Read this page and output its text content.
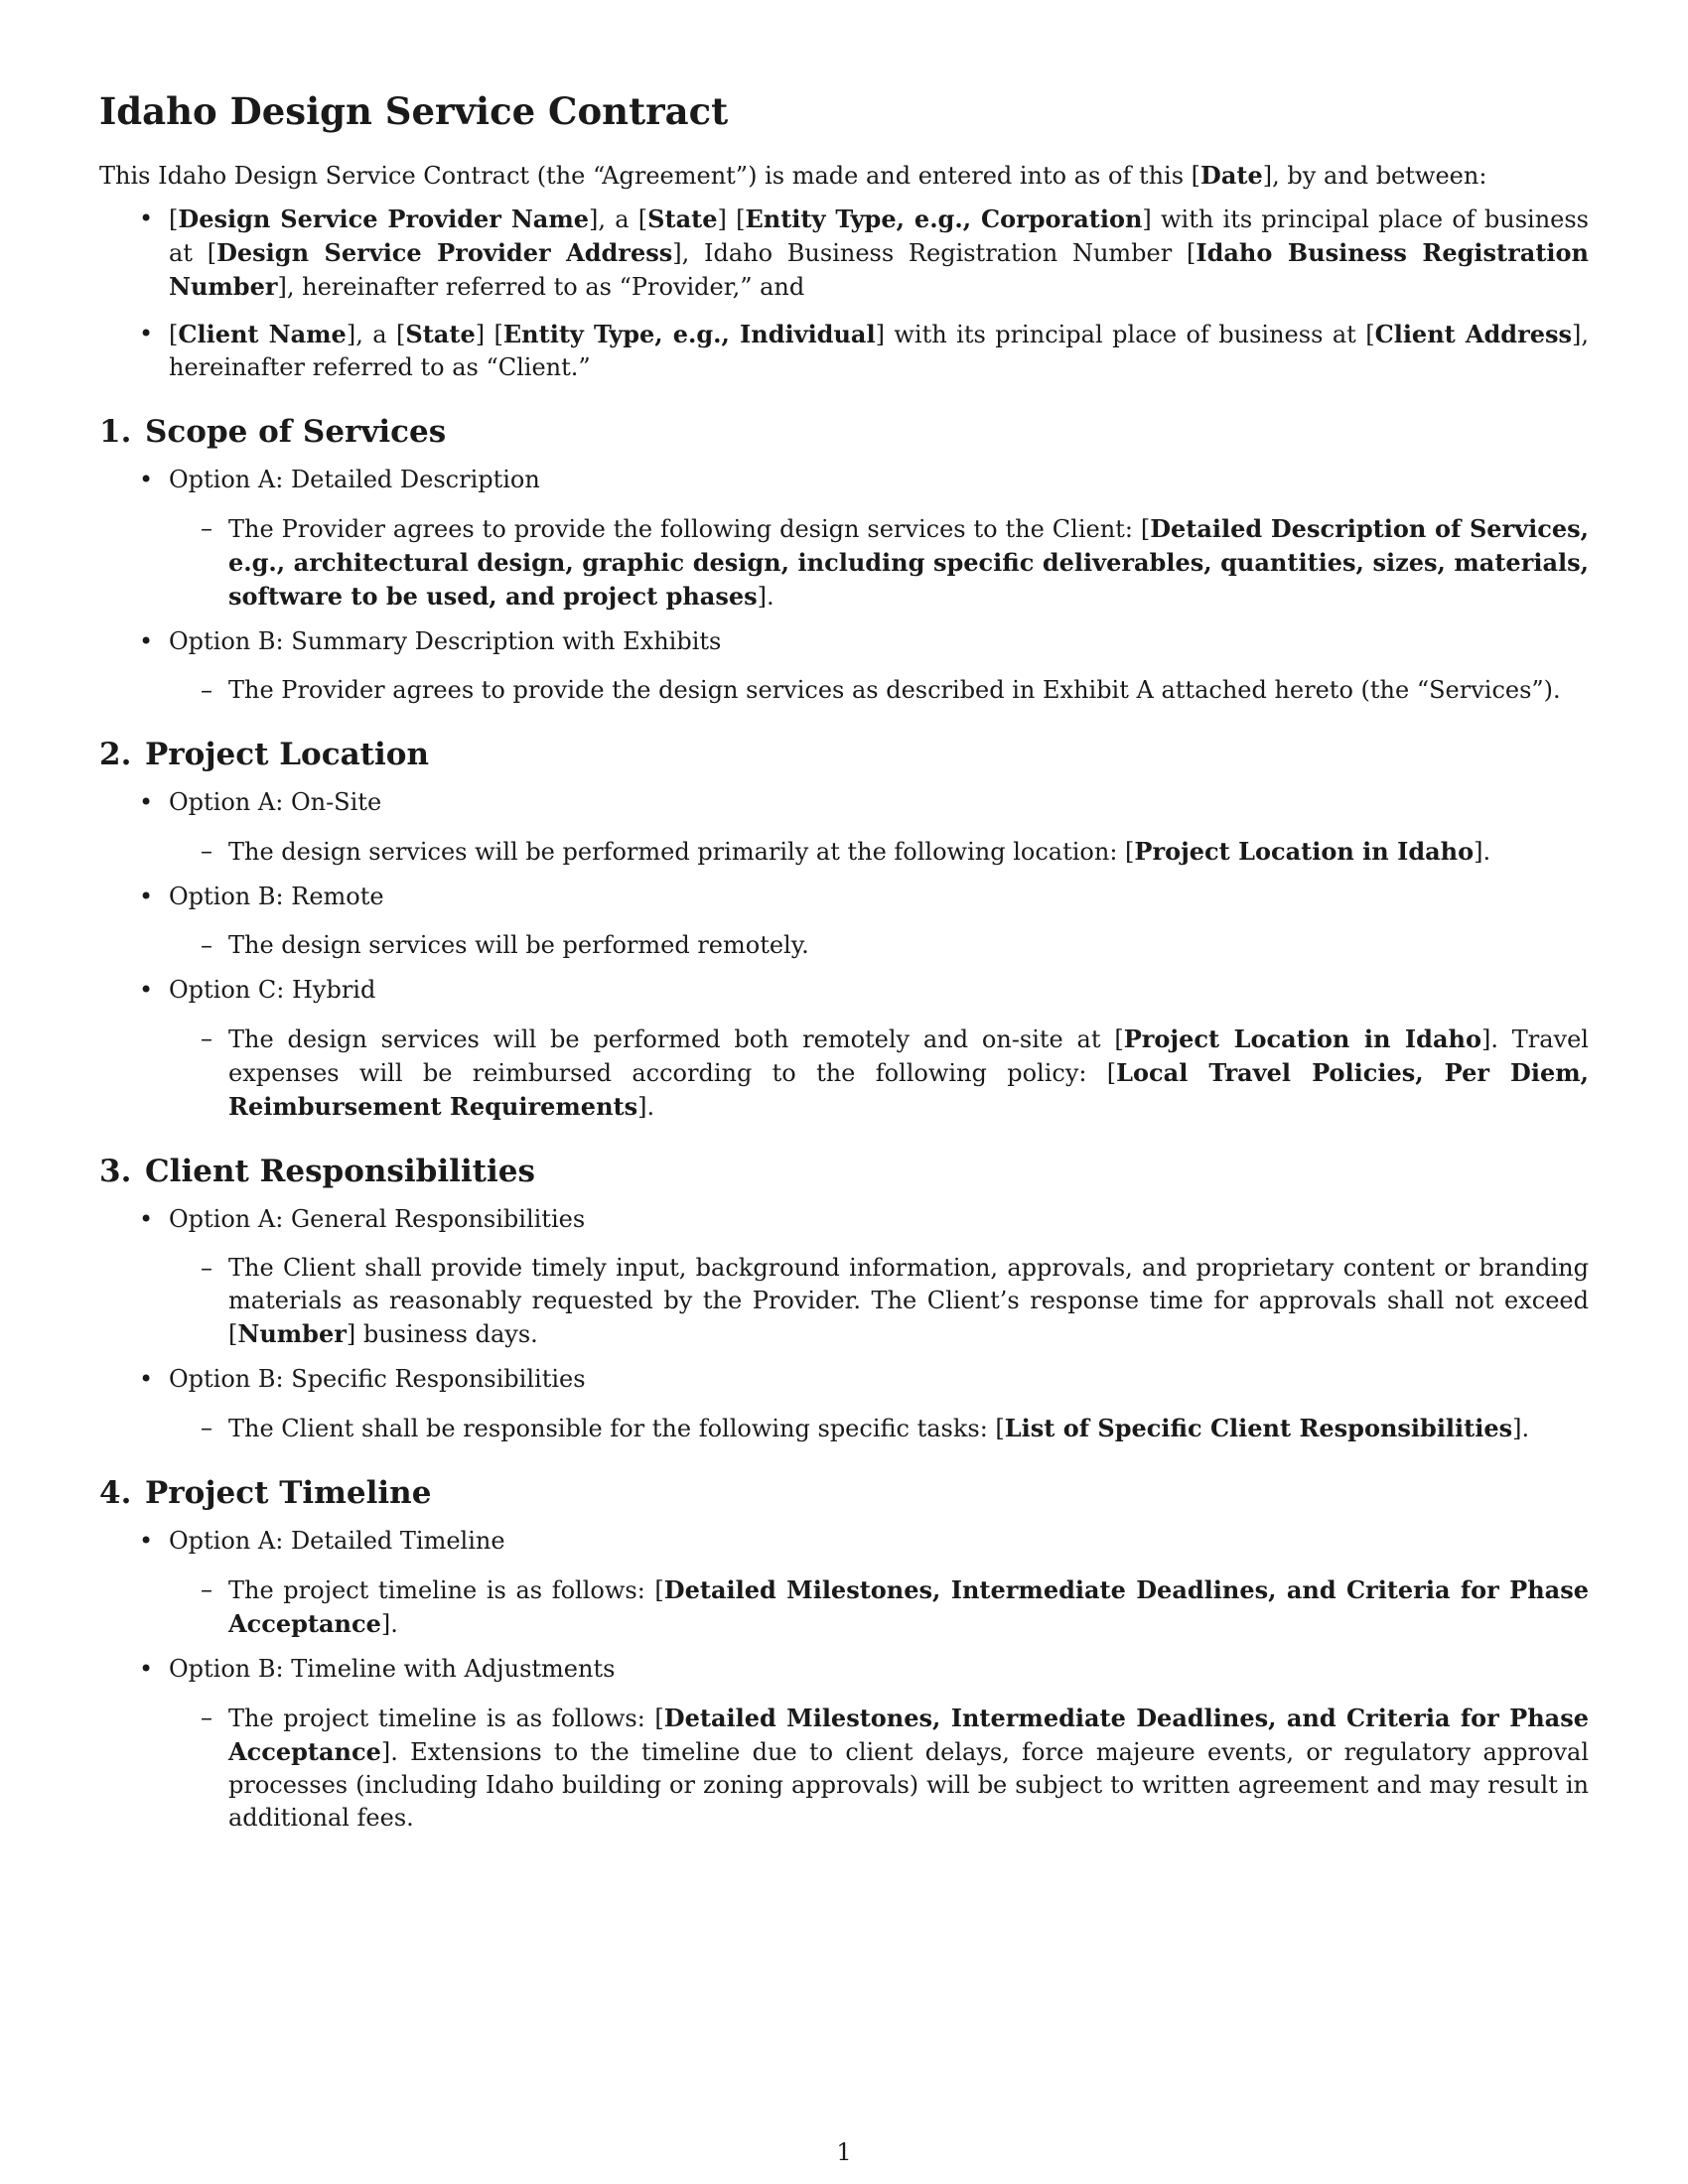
Idaho Design Service Contract

This Idaho Design Service Contract (the “Agreement”) is made and entered into as of this [Date], by and between:

• [Design Service Provider Name], a [State] [Entity Type, e.g., Corporation] with its principal place of business at [Design Service Provider Address], Idaho Business Registration Number [Idaho Business Registration Number], hereinafter referred to as “Provider,” and
• [Client Name], a [State] [Entity Type, e.g., Individual] with its principal place of business at [Client Address], hereinafter referred to as “Client.”
1. Scope of Services
• Option A: Detailed Description
– The Provider agrees to provide the following design services to the Client: [Detailed Description of Services, e.g., architectural design, graphic design, including specific deliverables, quantities, sizes, materials, software to be used, and project phases].
• Option B: Summary Description with Exhibits
– The Provider agrees to provide the design services as described in Exhibit A attached hereto (the “Services”).
2. Project Location
• Option A: On-Site
– The design services will be performed primarily at the following location: [Project Location in Idaho].
• Option B: Remote
– The design services will be performed remotely.
• Option C: Hybrid
– The design services will be performed both remotely and on-site at [Project Location in Idaho]. Travel expenses will be reimbursed according to the following policy: [Local Travel Policies, Per Diem, Reimbursement Requirements].
3. Client Responsibilities
• Option A: General Responsibilities
– The Client shall provide timely input, background information, approvals, and proprietary content or branding materials as reasonably requested by the Provider. The Client’s response time for approvals shall not exceed [Number] business days.
• Option B: Specific Responsibilities
– The Client shall be responsible for the following specific tasks: [List of Specific Client Responsibilities].
4. Project Timeline
• Option A: Detailed Timeline
– The project timeline is as follows: [Detailed Milestones, Intermediate Deadlines, and Criteria for Phase Acceptance].
• Option B: Timeline with Adjustments
– The project timeline is as follows: [Detailed Milestones, Intermediate Deadlines, and Criteria for Phase Acceptance]. Extensions to the timeline due to client delays, force majeure events, or regulatory approval processes (including Idaho building or zoning approvals) will be subject to written agreement and may result in additional fees.
1
